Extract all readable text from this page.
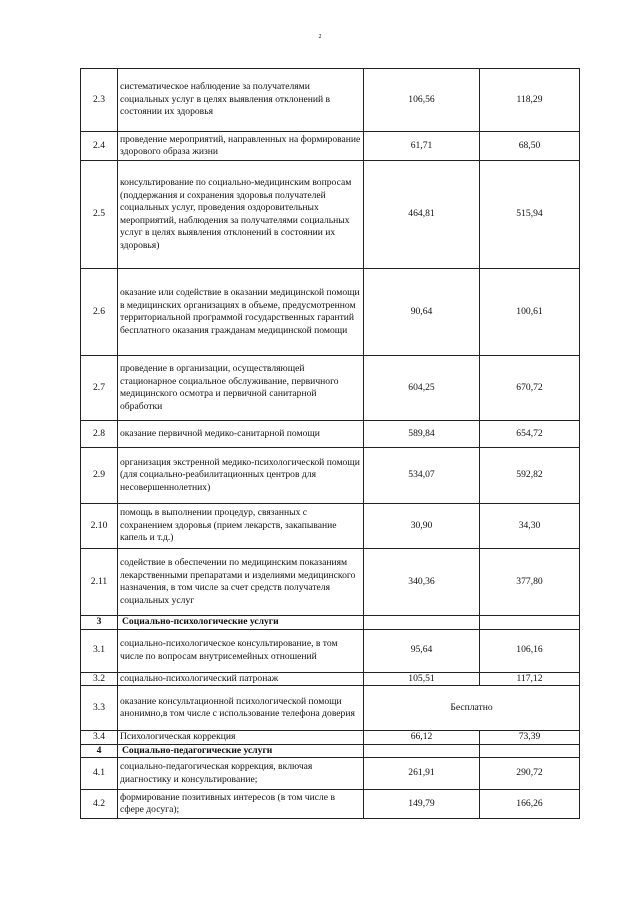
2
2.3	систематическое наблюдение за получателями социальных услуг в целях выявления отклонений в состоянии их здоровья	106,56	118,29
2.4	проведение мероприятий, направленных на формирование здорового образа жизни	61,71	68,50
2.5	консультирование по социально-медицинским вопросам (поддержания и сохранения здоровья получателей социальных услуг, проведения оздоровительных мероприятий, наблюдения за получателями социальных услуг в целях выявления отклонений в состоянии их здоровья)	464,81	515,94
2.6	оказание или содействие в оказании медицинской помощи в медицинских организациях в объеме, предусмотренном территориальной программой государственных гарантий бесплатного оказания гражданам медицинской помощи	90,64	100,61
2.7	проведение в организации, осуществляющей стационарное социальное обслуживание, первичного медицинского осмотра и первичной санитарной обработки	604,25	670,72
2.8	оказание первичной медико-санитарной помощи	589,84	654,72
2.9	организация экстренной медико-психологической помощи (для социально-реабилитационных центров для несовершеннолетних)	534,07	592,82
2.10	помощь в выполнении процедур, связанных с сохранением здоровья (прием лекарств, закапывание капель и т.д.)	30,90	34,30
2.11	содействие в обеспечении по медицинским показаниям лекарственными препаратами и изделиями медицинского назначения, в том числе за счет средств получателя социальных услуг	340,36	377,80
3	Социально-психологические услуги		
3.1	социально-психологическое консультирование, в том числе по вопросам внутрисемейных отношений	95,64	106,16
3.2	социально-психологический патронаж	105,51	117,12
3.3	оказание консультационной психологической помощи анонимно,в том числе с использование телефона доверия	Бесплатно	
3.4	Психологическая коррекция	66,12	73,39
4	Социально-педагогические услуги		
4.1	социально-педагогическая коррекция, включая диагностику и консультирование;	261,91	290,72
4.2	формирование позитивных интересов (в том числе в сфере досуга);	149,79	166,26
